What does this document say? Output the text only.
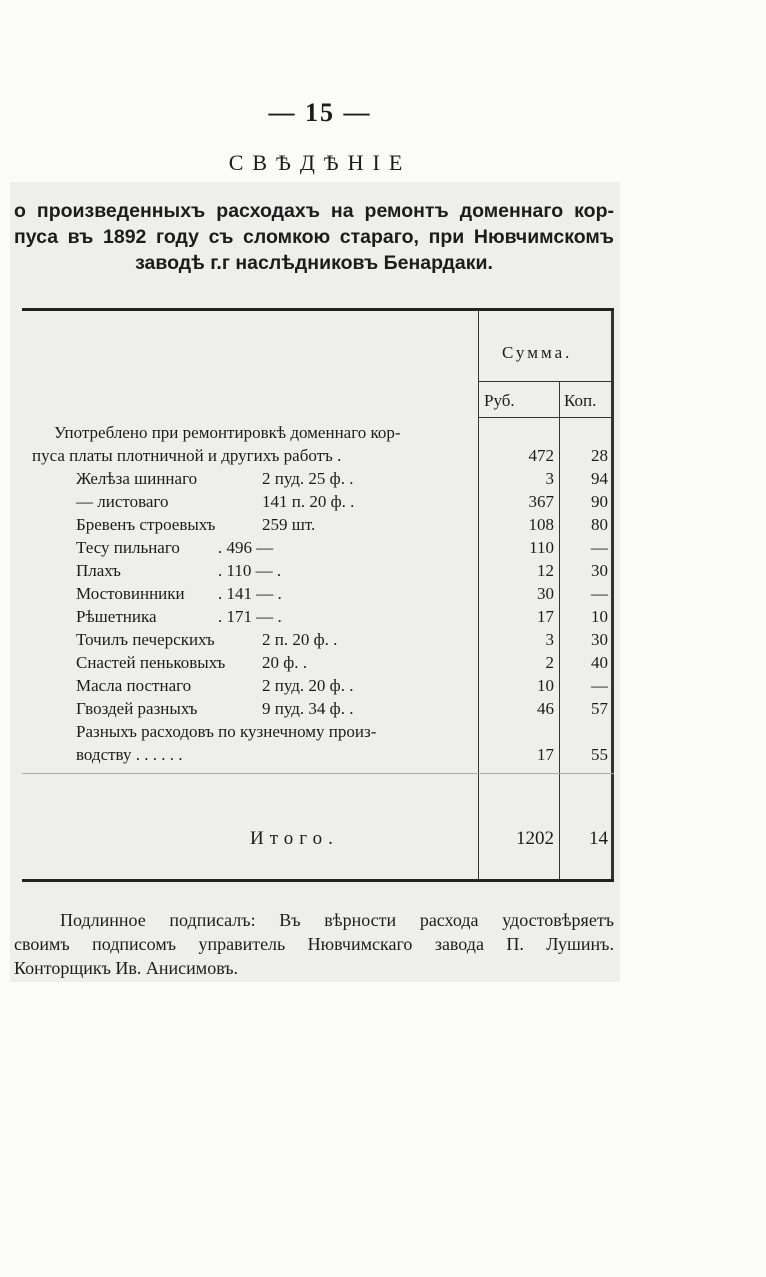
— 15 —
СВѢДѢНIЕ
о произведенныхъ расходахъ на ремонтъ доменнаго кор-
пуса въ 1892 году съ сломкою стараго, при Нювчимскомъ
заводѣ г.г наслѣдниковъ Бенардаки.
Сумма.
Руб.	Коп.
Употреблено при ремонтировкѣ доменнаго кор-
пуса платы плотничной и другихъ работъ .	472	28
Желѣза шиннаго	2 пуд. 25 ф. .	3	94
— листоваго	141 п. 20 ф. .	367	90
Бревенъ строевыхъ	259 шт.	108	80
Тесу пильнаго . 496 —	110	—
Плахъ	. 110 — .	12	30
Мостовинники . 141 — .	30	—
Рѣшетника	. 171 — .	17	10
Точилъ печерскихъ	2 п. 20 ф. .	3	30
Снастей пеньковыхъ 20 ф. .	2	40
Масла постнаго	2 пуд. 20 ф. .	10	—
Гвоздей разныхъ	9 пуд. 34 ф. .	46	57
Разныхъ расходовъ по кузнечному произ-
водству . . . . . .	17	55
Итого.	1202	14
Подлинное подписалъ: Въ вѣрности расхода удостовѣряетъ
своимъ подписомъ управитель Нювчимскаго завода П. Лушинъ.
Конторщикъ Ив. Анисимовъ.
